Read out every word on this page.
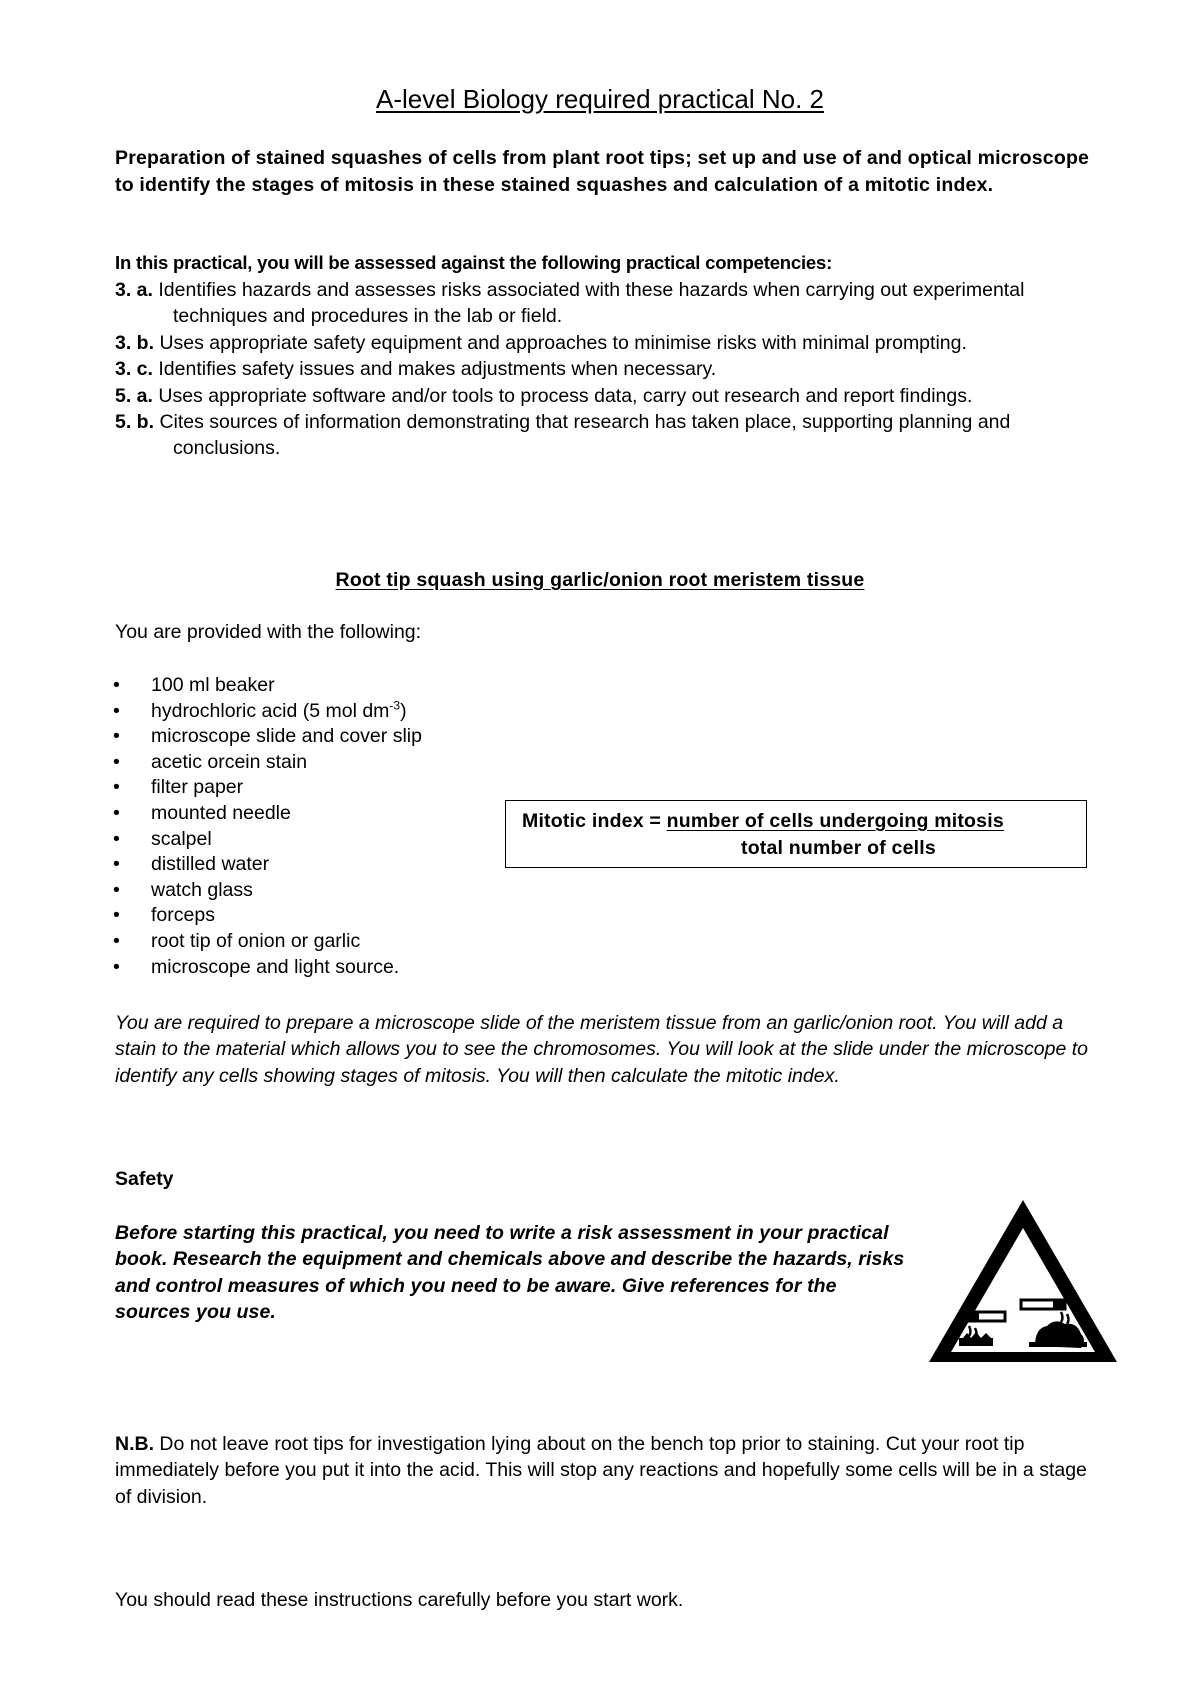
A-level Biology required practical No. 2
Preparation of stained squashes of cells from plant root tips; set up and use of and optical microscope to identify the stages of mitosis in these stained squashes and calculation of a mitotic index.
In this practical, you will be assessed against the following practical competencies:
3. a. Identifies hazards and assesses risks associated with these hazards when carrying out experimental techniques and procedures in the lab or field.
3. b. Uses appropriate safety equipment and approaches to minimise risks with minimal prompting.
3. c. Identifies safety issues and makes adjustments when necessary.
5. a. Uses appropriate software and/or tools to process data, carry out research and report findings.
5. b. Cites sources of information demonstrating that research has taken place, supporting planning and conclusions.
Root tip squash using garlic/onion root meristem tissue
You are provided with the following:
• 100 ml beaker
• hydrochloric acid (5 mol $dm^{-3}$)
• microscope slide and cover slip
• acetic orcein stain
• filter paper
• mounted needle
• scalpel
• distilled water
• watch glass
• forceps
• root tip of onion or garlic
• microscope and light source.
Mitotic index = number of cells undergoing mitosis
total number of cells
You are required to prepare a microscope slide of the meristem tissue from an garlic/onion root. You will add a stain to the material which allows you to see the chromosomes. You will look at the slide under the microscope to identify any cells showing stages of mitosis. You will then calculate the mitotic index.
Safety
Before starting this practical, you need to write a risk assessment in your practical book. Research the equipment and chemicals above and describe the hazards, risks and control measures of which you need to be aware. Give references for the sources you use.
N.B. Do not leave root tips for investigation lying about on the bench top prior to staining. Cut your root tip immediately before you put it into the acid. This will stop any reactions and hopefully some cells will be in a stage of division.
You should read these instructions carefully before you start work.
